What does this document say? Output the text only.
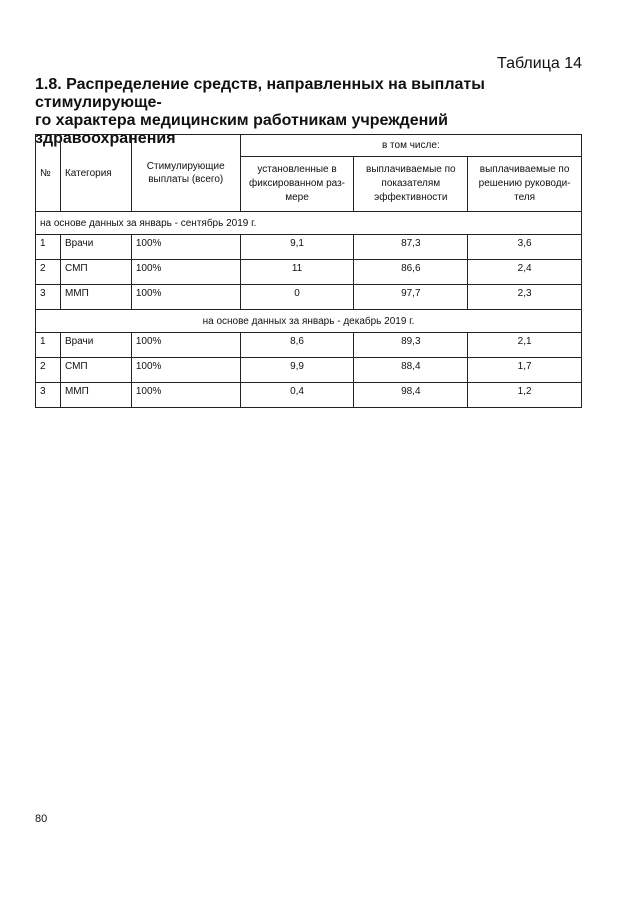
Таблица 14
1.8. Распределение средств, направленных на выплаты стимулирующе-
го характера медицинским работникам учреждений здравоохранения
№	Категория	Стимулирующие выплаты (всего)	в том числе:		
			установленные в фиксированном раз-мере	выплачиваемые по показателям эффективности	выплачиваемые по решению руководи-теля
на основе данных за январь - сентябрь 2019 г.					
1	Врачи	100%	9,1	87,3	3,6
2	СМП	100%	11	86,6	2,4
3	ММП	100%	0	97,7	2,3
на основе данных за январь - декабрь 2019 г.					
1	Врачи	100%	8,6	89,3	2,1
2	СМП	100%	9,9	88,4	1,7
3	ММП	100%	0,4	98,4	1,2
80
